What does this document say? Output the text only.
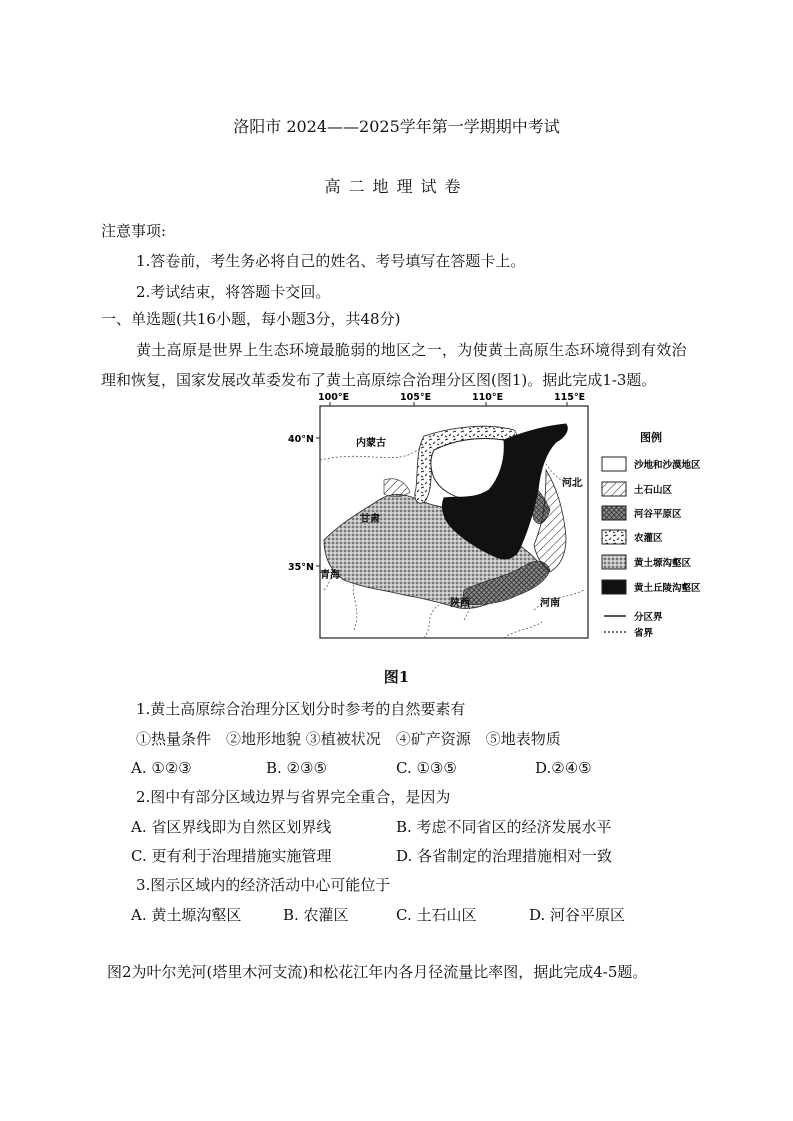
洛阳市 2024——2025学年第一学期期中考试
高二地理试卷
注意事项:
1.答卷前，考生务必将自己的姓名、考号填写在答题卡上。
2.考试结束，将答题卡交回。
一、单选题(共16小题，每小题3分，共48分)
黄土高原是世界上生态环境最脆弱的地区之一，为使黄土高原生态环境得到有效治
理和恢复，国家发展改革委发布了黄土高原综合治理分区图(图1)。据此完成1-3题。
内蒙古
河北
甘肃
青海
陕西	河南
100°E	105°E	110°E	115°E
40°N
35°N
图例
沙地和沙漠地区
土石山区
河谷平原区
农灌区
黄土塬沟壑区
黄土丘陵沟壑区
分区界
省界
图1
1.黄土高原综合治理分区划分时参考的自然要素有
①热量条件　②地形地貌 ③植被状况　④矿产资源　⑤地表物质
A. ①②③	B. ②③⑤	C. ①③⑤	D.②④⑤
2.图中有部分区域边界与省界完全重合，是因为
A. 省区界线即为自然区划界线	B. 考虑不同省区的经济发展水平
C. 更有利于治理措施实施管理	D. 各省制定的治理措施相对一致
3.图示区域内的经济活动中心可能位于
A. 黄土塬沟壑区	B. 农灌区	C. 土石山区	D. 河谷平原区
图2为叶尔羌河(塔里木河支流)和松花江年内各月径流量比率图，据此完成4-5题。
